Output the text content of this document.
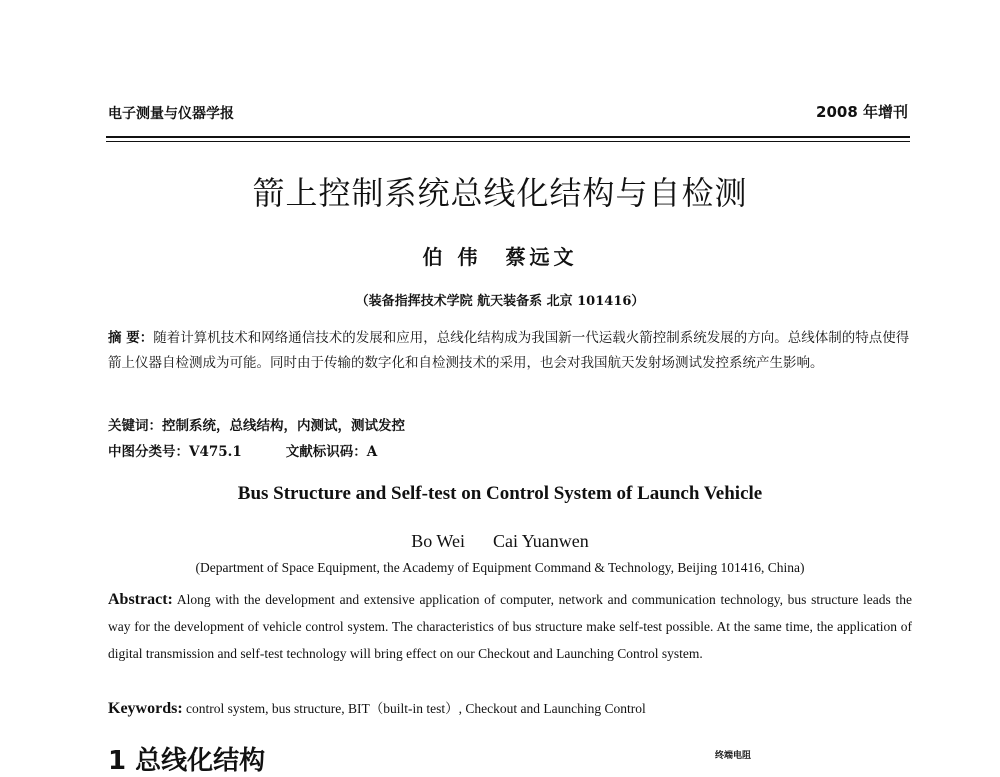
电子测量与仪器学报	2008 年增刊
箭上控制系统总线化结构与自检测
伯 伟　蔡远文
（装备指挥技术学院 航天装备系 北京 101416）
摘 要：随着计算机技术和网络通信技术的发展和应用，总线化结构成为我国新一代运载火箭控制系统发展的方向。总线体制的特点使得箭上仪器自检测成为可能。同时由于传输的数字化和自检测技术的采用，也会对我国航天发射场测试发控系统产生影响。
关键词：控制系统，总线结构，内测试，测试发控
中图分类号：V475.1	文献标识码：A
Bus Structure and Self-test on Control System of Launch Vehicle
Bo Wei Cai Yuanwen
(Department of Space Equipment, the Academy of Equipment Command & Technology, Beijing 101416, China)
Abstract: Along with the development and extensive application of computer, network and communication technology, bus structure leads the way for the development of vehicle control system. The characteristics of bus structure make self-test possible. At the same time, the application of digital transmission and self-test technology will bring effect on our Checkout and Launching Control system.
Keywords: control system, bus structure, BIT（built-in test）, Checkout and Launching Control
1 总线化结构	终端电阻
